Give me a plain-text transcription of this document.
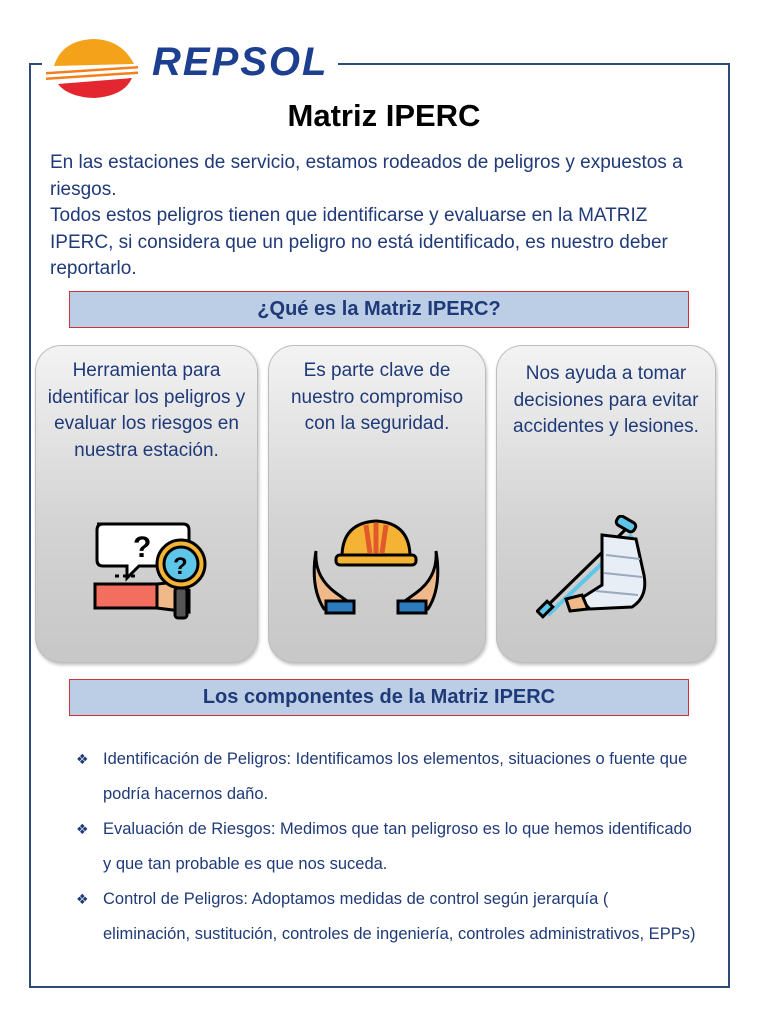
REPSOL
Matriz IPERC

En las estaciones de servicio, estamos rodeados de peligros y expuestos a riesgos.

Todos estos peligros tienen que identificarse y evaluarse en la MATRIZ IPERC, si considera que un peligro no está identificado, es nuestro deber reportarlo.

¿Qué es la Matriz IPERC?
Herramienta para identificar los peligros y evaluar los riesgos en nuestra estación.
?
?
Es parte clave de nuestro compromiso con la seguridad.
Nos ayuda a tomar decisiones para evitar accidentes y lesiones.
Los componentes de la Matriz IPERC
❖ Identificación de Peligros: Identificamos los elementos, situaciones o fuente que podría hacernos daño.
❖ Evaluación de Riesgos: Medimos que tan peligroso es lo que hemos identificado y que tan probable es que nos suceda.
❖ Control de Peligros: Adoptamos medidas de control según jerarquía ( eliminación, sustitución, controles de ingeniería, controles administrativos, EPPs)
